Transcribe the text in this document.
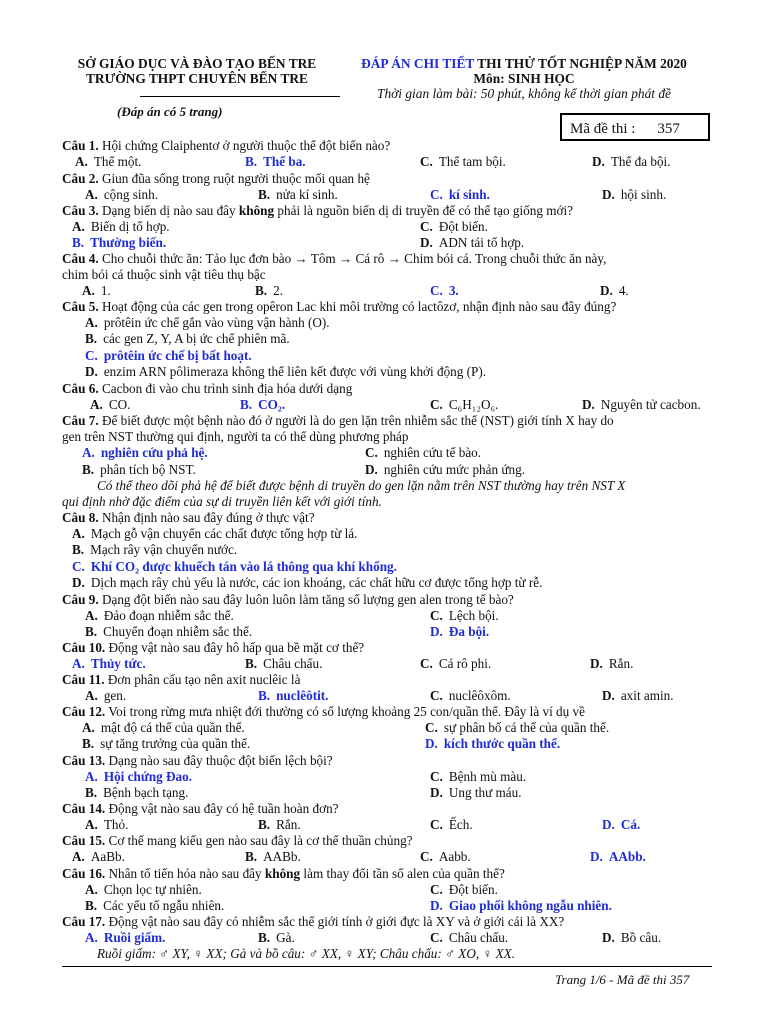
SỞ GIÁO DỤC VÀ ĐÀO TẠO BẾN TRE
TRƯỜNG THPT CHUYÊN BẾN TRE
(Đáp án có 5 trang)
ĐÁP ÁN CHI TIẾT THI THỬ TỐT NGHIỆP NĂM 2020
Môn: SINH HỌC
Thời gian làm bài: 50 phút, không kể thời gian phát đề
Mã đề thi : 357
Câu 1. Hội chứng Claiphentơ ở người thuộc thể đột biến nào?
A. Thể một.	B. Thể ba.	C. Thể tam bội.	D. Thể đa bội.
Câu 2. Giun đũa sống trong ruột người thuộc mối quan hệ
A. cộng sinh.	B. nửa kí sinh.	C. kí sinh.	D. hội sinh.
Câu 3. Dạng biến dị nào sau đây không phải là nguồn biến dị di truyền để có thể tạo giống mới?
A. Biến dị tổ hợp.	C. Đột biến.
B. Thường biến.	D. ADN tái tổ hợp.
Câu 4. Cho chuỗi thức ăn: Tảo lục đơn bào → Tôm → Cá rô → Chim bói cá. Trong chuỗi thức ăn này,
chim bói cá thuộc sinh vật tiêu thụ bậc
A. 1.	B. 2.	C. 3.	D. 4.
Câu 5. Hoạt động của các gen trong opêron Lac khi môi trường có lactôzơ, nhận định nào sau đây đúng?
A. prôtêin ức chế gắn vào vùng vận hành (O).
B. các gen Z, Y, A bị ức chế phiên mã.
C. prôtêin ức chế bị bất hoạt.
D. enzim ARN pôlimeraza không thể liên kết được với vùng khởi động (P).
Câu 6. Cacbon đi vào chu trình sinh địa hóa dưới dạng
A. CO.	B. CO₂.	C. C₆H₁₂O₆.	D. Nguyên tử cacbon.
Câu 7. Để biết được một bệnh nào đó ở người là do gen lặn trên nhiễm sắc thể (NST) giới tính X hay do
gen trên NST thường qui định, người ta có thể dùng phương pháp
A. nghiên cứu phả hệ.	C. nghiên cứu tế bào.
B. phân tích bộ NST.	D. nghiên cứu mức phản ứng.
Có thể theo dõi phả hệ để biết được bệnh di truyền do gen lặn nằm trên NST thường hay trên NST X
qui định nhờ đặc điểm của sự di truyền liên kết với giới tính.
Câu 8. Nhận định nào sau đây đúng ở thực vật?
A. Mạch gỗ vận chuyển các chất được tổng hợp từ lá.
B. Mạch rây vận chuyển nước.
C. Khí CO₂ được khuếch tán vào lá thông qua khí khổng.
D. Dịch mạch rây chủ yếu là nước, các ion khoáng, các chất hữu cơ được tổng hợp từ rễ.
Câu 9. Dạng đột biến nào sau đây luôn luôn làm tăng số lượng gen alen trong tế bào?
A. Đảo đoạn nhiễm sắc thể.	C. Lệch bội.
B. Chuyển đoạn nhiễm sắc thể.	D. Đa bội.
Câu 10. Động vật nào sau đây hô hấp qua bề mặt cơ thể?
A. Thủy tức.	B. Châu chấu.	C. Cá rô phi.	D. Rắn.
Câu 11. Đơn phân cấu tạo nên axit nuclêic là
A. gen.	B. nuclêôtit.	C. nuclêôxôm.	D. axit amin.
Câu 12. Voi trong rừng mưa nhiệt đới thường có số lượng khoảng 25 con/quần thể. Đây là ví dụ về
A. mật độ cá thể của quần thể.	C. sự phân bố cá thể của quần thể.
B. sự tăng trưởng của quần thể.	D. kích thước quần thể.
Câu 13. Dạng nào sau đây thuộc đột biến lệch bội?
A. Hội chứng Đao.	C. Bệnh mù màu.
B. Bệnh bạch tạng.	D. Ung thư máu.
Câu 14. Động vật nào sau đây có hệ tuần hoàn đơn?
A. Thỏ.	B. Rắn.	C. Ếch.	D. Cá.
Câu 15. Cơ thể mang kiểu gen nào sau đây là cơ thể thuần chủng?
A. AaBb.	B. AABb.	C. Aabb.	D. AAbb.
Câu 16. Nhân tố tiến hóa nào sau đây không làm thay đổi tần số alen của quần thể?
A. Chọn lọc tự nhiên.	C. Đột biến.
B. Các yếu tố ngẫu nhiên.	D. Giao phối không ngẫu nhiên.
Câu 17. Động vật nào sau đây có nhiễm sắc thể giới tính ở giới đực là XY và ở giới cái là XX?
A. Ruồi giấm.	B. Gà.	C. Châu chấu.	D. Bồ câu.
Ruồi giấm: ♂ XY, ♀ XX; Gà và bồ câu: ♂ XX, ♀ XY; Châu chấu: ♂ XO, ♀ XX.
Trang 1/6 - Mã đề thi 357
